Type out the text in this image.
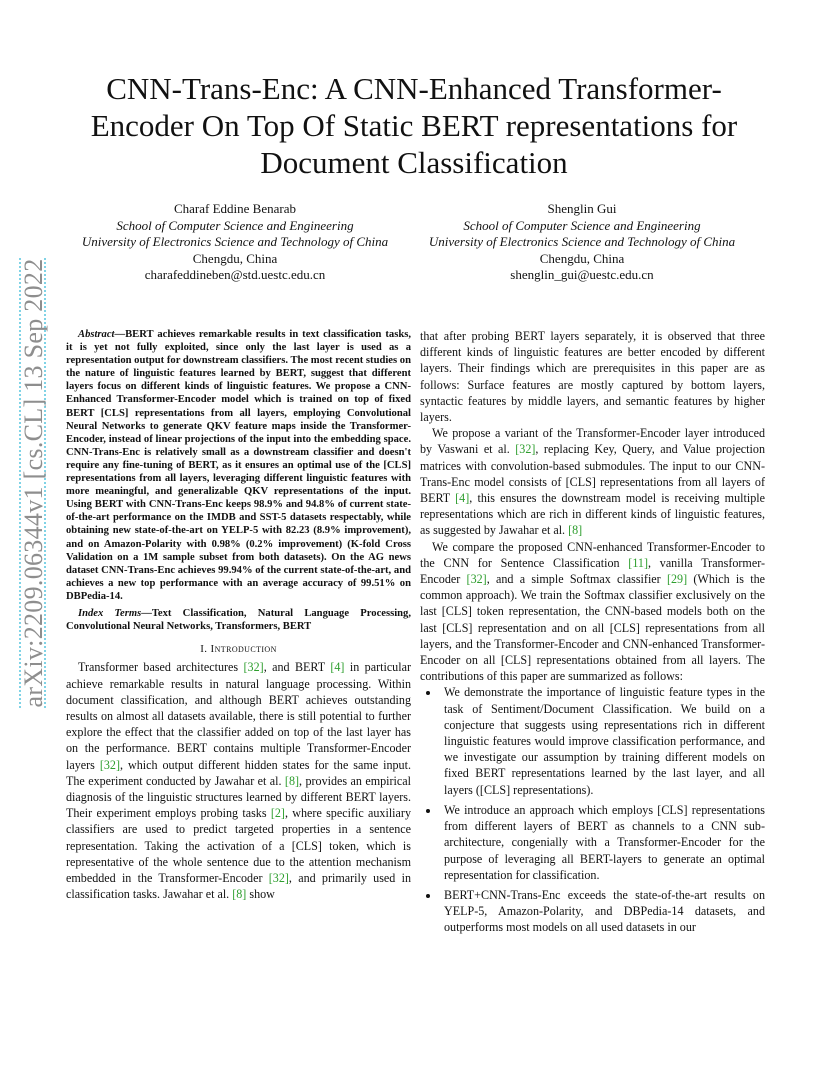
arXiv:2209.06344v1 [cs.CL] 13 Sep 2022
CNN-Trans-Enc: A CNN-Enhanced Transformer-Encoder On Top Of Static BERT representations for Document Classification
Charaf Eddine Benarab
School of Computer Science and Engineering
University of Electronics Science and Technology of China
Chengdu, China
charafeddineben@std.uestc.edu.cn
Shenglin Gui
School of Computer Science and Engineering
University of Electronics Science and Technology of China
Chengdu, China
shenglin_gui@uestc.edu.cn

Abstract—BERT achieves remarkable results in text classification tasks, it is yet not fully exploited, since only the last layer is used as a representation output for downstream classifiers. The most recent studies on the nature of linguistic features learned by BERT, suggest that different layers focus on different kinds of linguistic features. We propose a CNN-Enhanced Transformer-Encoder model which is trained on top of fixed BERT [CLS] representations from all layers, employing Convolutional Neural Networks to generate QKV feature maps inside the Transformer-Encoder, instead of linear projections of the input into the embedding space. CNN-Trans-Enc is relatively small as a downstream classifier and doesn't require any fine-tuning of BERT, as it ensures an optimal use of the [CLS] representations from all layers, leveraging different linguistic features with more meaningful, and generalizable QKV representations of the input. Using BERT with CNN-Trans-Enc keeps 98.9% and 94.8% of current state-of-the-art performance on the IMDB and SST-5 datasets respectably, while obtaining new state-of-the-art on YELP-5 with 82.23 (8.9% improvement), and on Amazon-Polarity with 0.98% (0.2% improvement) (K-fold Cross Validation on a 1M sample subset from both datasets). On the AG news dataset CNN-Trans-Enc achieves 99.94% of the current state-of-the-art, and achieves a new top performance with an average accuracy of 99.51% on DBPedia-14.

Index Terms—Text Classification, Natural Language Processing, Convolutional Neural Networks, Transformers, BERT

I. Introduction

Transformer based architectures [32], and BERT [4] in particular achieve remarkable results in natural language processing. Within document classification, and although BERT achieves outstanding results on almost all datasets available, there is still potential to further explore the effect that the classifier added on top of the last layer has on the performance. BERT contains multiple Transformer-Encoder layers [32], which output different hidden states for the same input. The experiment conducted by Jawahar et al. [8], provides an empirical diagnosis of the linguistic structures learned by different BERT layers. Their experiment employs probing tasks [2], where specific auxiliary classifiers are used to predict targeted properties in a sentence representation. Taking the activation of a [CLS] token, which is representative of the whole sentence due to the attention mechanism embedded in the Transformer-Encoder [32], and primarily used in classification tasks. Jawahar et al. [8] show

that after probing BERT layers separately, it is observed that three different kinds of linguistic features are better encoded by different layers. Their findings which are prerequisites in this paper are as follows: Surface features are mostly captured by bottom layers, syntactic features by middle layers, and semantic features by higher layers.

We propose a variant of the Transformer-Encoder layer introduced by Vaswani et al. [32], replacing Key, Query, and Value projection matrices with convolution-based submodules. The input to our CNN-Trans-Enc model consists of [CLS] representations from all layers of BERT [4], this ensures the downstream model is receiving multiple representations which are rich in different kinds of linguistic features, as suggested by Jawahar et al. [8]

We compare the proposed CNN-enhanced Transformer-Encoder to the CNN for Sentence Classification [11], vanilla Transformer-Encoder [32], and a simple Softmax classifier [29] (Which is the common approach). We train the Softmax classifier exclusively on the last [CLS] token representation, the CNN-based models both on the last [CLS] representation and on all [CLS] representations from all layers, and the Transformer-Encoder and CNN-enhanced Transformer-Encoder on all [CLS] representations obtained from all layers. The contributions of this paper are summarized as follows:

• We demonstrate the importance of linguistic feature types in the task of Sentiment/Document Classification. We build on a conjecture that suggests using representations rich in different linguistic features would improve classification performance, and we investigate our assumption by training different models on fixed BERT representations learned by the last layer, and all layers ([CLS] representations).
• We introduce an approach which employs [CLS] representations from different layers of BERT as channels to a CNN sub-architecture, congenially with a Transformer-Encoder for the purpose of leveraging all BERT-layers to generate an optimal representation for classification.
• BERT+CNN-Trans-Enc exceeds the state-of-the-art results on YELP-5, Amazon-Polarity, and DBPedia-14 datasets, and outperforms most models on all used datasets in our
